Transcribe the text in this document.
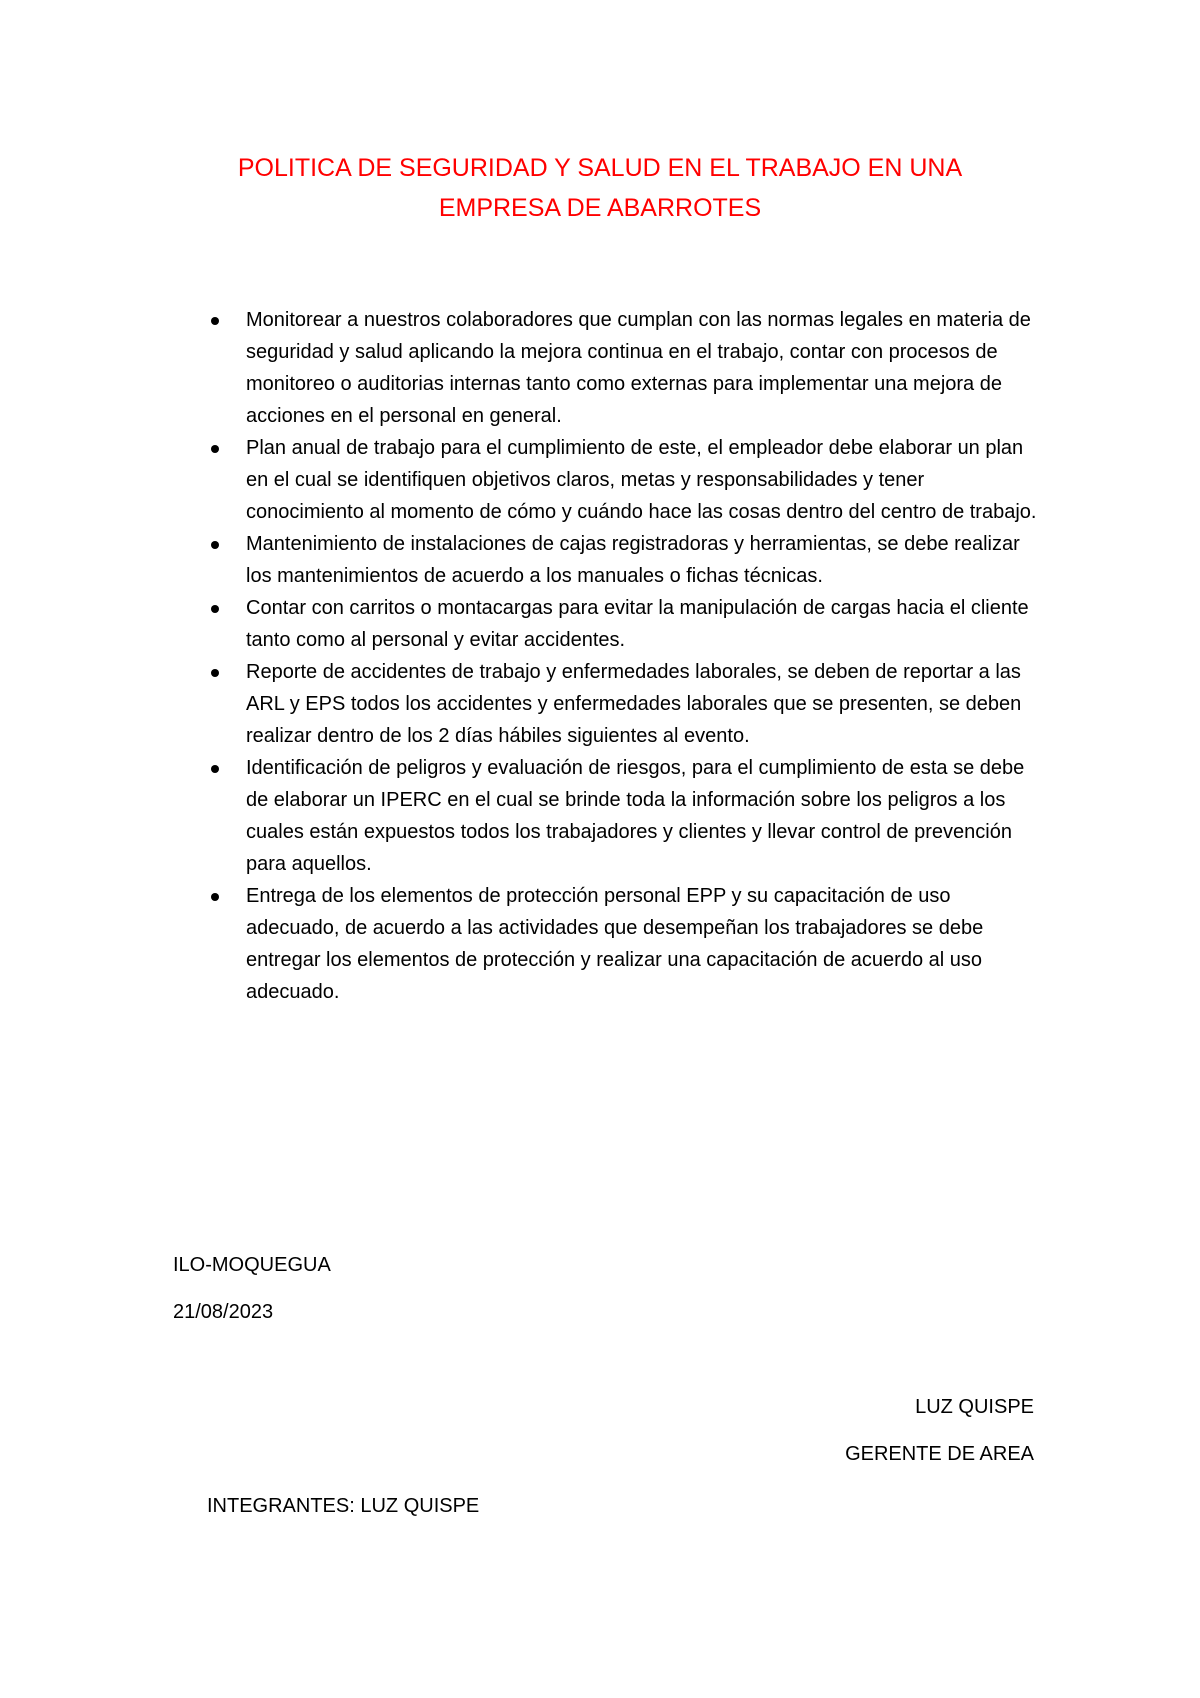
POLITICA DE SEGURIDAD Y SALUD EN EL TRABAJO EN UNA
EMPRESA DE ABARROTES
Monitorear a nuestros colaboradores que cumplan con las normas legales en materia de seguridad y salud aplicando la mejora continua en el trabajo, contar con procesos de monitoreo o auditorias internas tanto como externas para implementar una mejora de acciones en el personal en general.
Plan anual de trabajo para el cumplimiento de este, el empleador debe elaborar un plan en el cual se identifiquen objetivos claros, metas y responsabilidades y tener conocimiento al momento de cómo y cuándo hace las cosas dentro del centro de trabajo.
Mantenimiento de instalaciones de cajas registradoras y herramientas, se debe realizar los mantenimientos de acuerdo a los manuales o fichas técnicas.
Contar con carritos o montacargas para evitar la manipulación de cargas hacia el cliente tanto como al personal y evitar accidentes.
Reporte de accidentes de trabajo y enfermedades laborales, se deben de reportar a las ARL y EPS todos los accidentes y enfermedades laborales que se presenten, se deben realizar dentro de los 2 días hábiles siguientes al evento.
Identificación de peligros y evaluación de riesgos, para el cumplimiento de esta se debe de elaborar un IPERC en el cual se brinde toda la información sobre los peligros a los cuales están expuestos todos los trabajadores y clientes y llevar control de prevención para aquellos.
Entrega de los elementos de protección personal EPP y su capacitación de uso adecuado, de acuerdo a las actividades que desempeñan los trabajadores se debe entregar los elementos de protección y realizar una capacitación de acuerdo al uso adecuado.

ILO-MOQUEGUA

21/08/2023

LUZ QUISPE

GERENTE DE AREA

INTEGRANTES: LUZ QUISPE
